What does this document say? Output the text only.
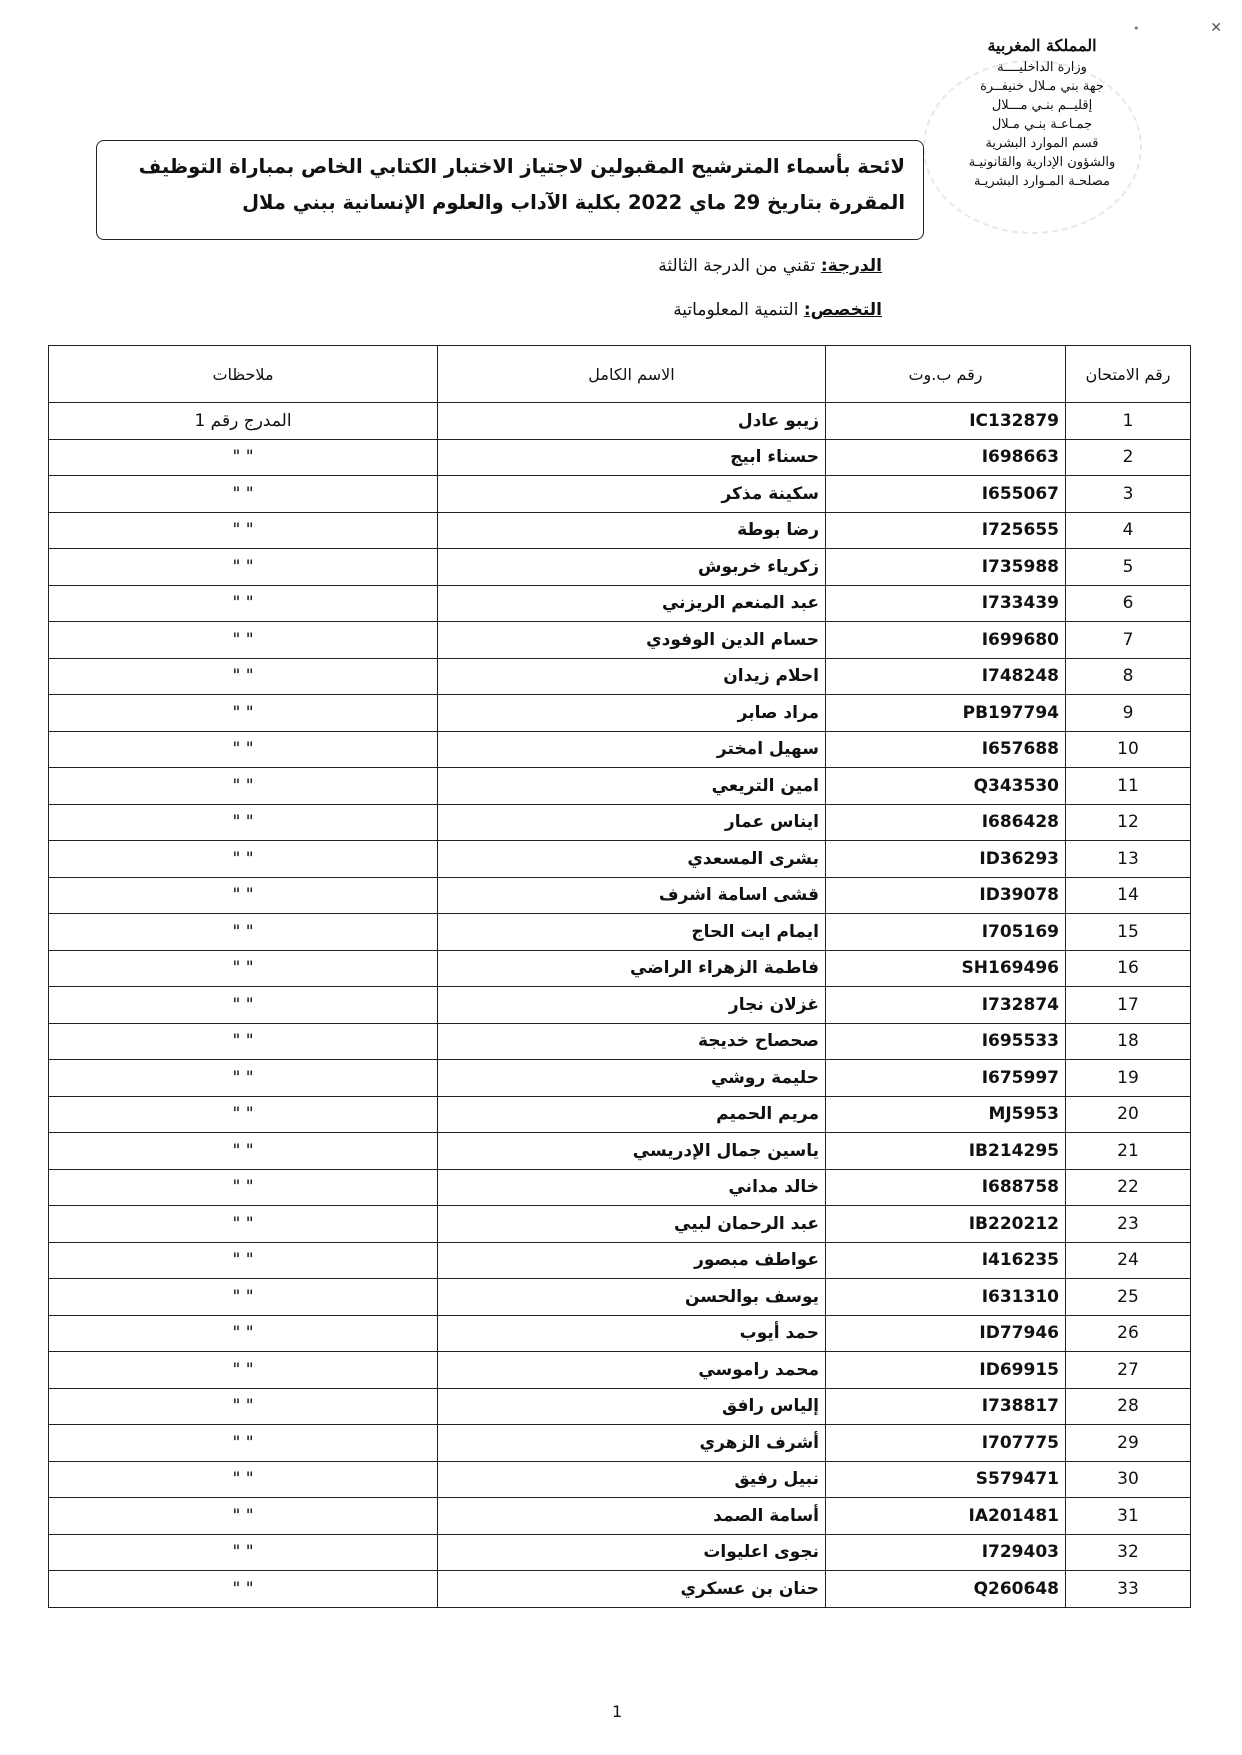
✕
•
المملكة المغربية
وزارة الداخليــــة
جهة بني مـلال خنيفــرة
إقليــم بنـي مـــلال
جمـاعـة بنـي مـلال
قسم الموارد البشرية
والشؤون الإدارية والقانونيـة
مصلحـة المـوارد البشريـة
لائحة بأسماء المترشيح المقبولين لاجتياز الاختبار الكتابي الخاص بمباراة التوظيف
المقررة بتاريخ 29 ماي 2022 بكلية الآداب والعلوم الإنسانية ببني ملال
الدرجة: تقني من الدرجة الثالثة
التخصص: التنمية المعلوماتية
رقم الامتحان	رقم ب.وت	الاسم الكامل	ملاحظات
1	IC132879	زيبو عادل	المدرج رقم 1
2	I698663	حسناء ابيج	" "
3	I655067	سكينة مذكر	" "
4	I725655	رضا بوطة	" "
5	I735988	زكرياء خربوش	" "
6	I733439	عبد المنعم الريزني	" "
7	I699680	حسام الدين الوفودي	" "
8	I748248	احلام زيدان	" "
9	PB197794	مراد صابر	" "
10	I657688	سهيل امختر	" "
11	Q343530	امين التريعي	" "
12	I686428	ايناس عمار	" "
13	ID36293	بشرى المسعدي	" "
14	ID39078	قشى اسامة اشرف	" "
15	I705169	ايمام ايت الحاج	" "
16	SH169496	فاطمة الزهراء الراضي	" "
17	I732874	غزلان نجار	" "
18	I695533	صحصاح خديجة	" "
19	I675997	حليمة روشي	" "
20	MJ5953	مريم الحميم	" "
21	IB214295	ياسين جمال الإدريسي	" "
22	I688758	خالد مداني	" "
23	IB220212	عبد الرحمان لبيي	" "
24	I416235	عواطف مبصور	" "
25	I631310	يوسف بوالحسن	" "
26	ID77946	حمد أيوب	" "
27	ID69915	محمد راموسي	" "
28	I738817	إلياس رافق	" "
29	I707775	أشرف الزهري	" "
30	S579471	نبيل رفيق	" "
31	IA201481	أسامة الصمد	" "
32	I729403	نجوى اعليوات	" "
33	Q260648	حنان بن عسكري	" "
1
